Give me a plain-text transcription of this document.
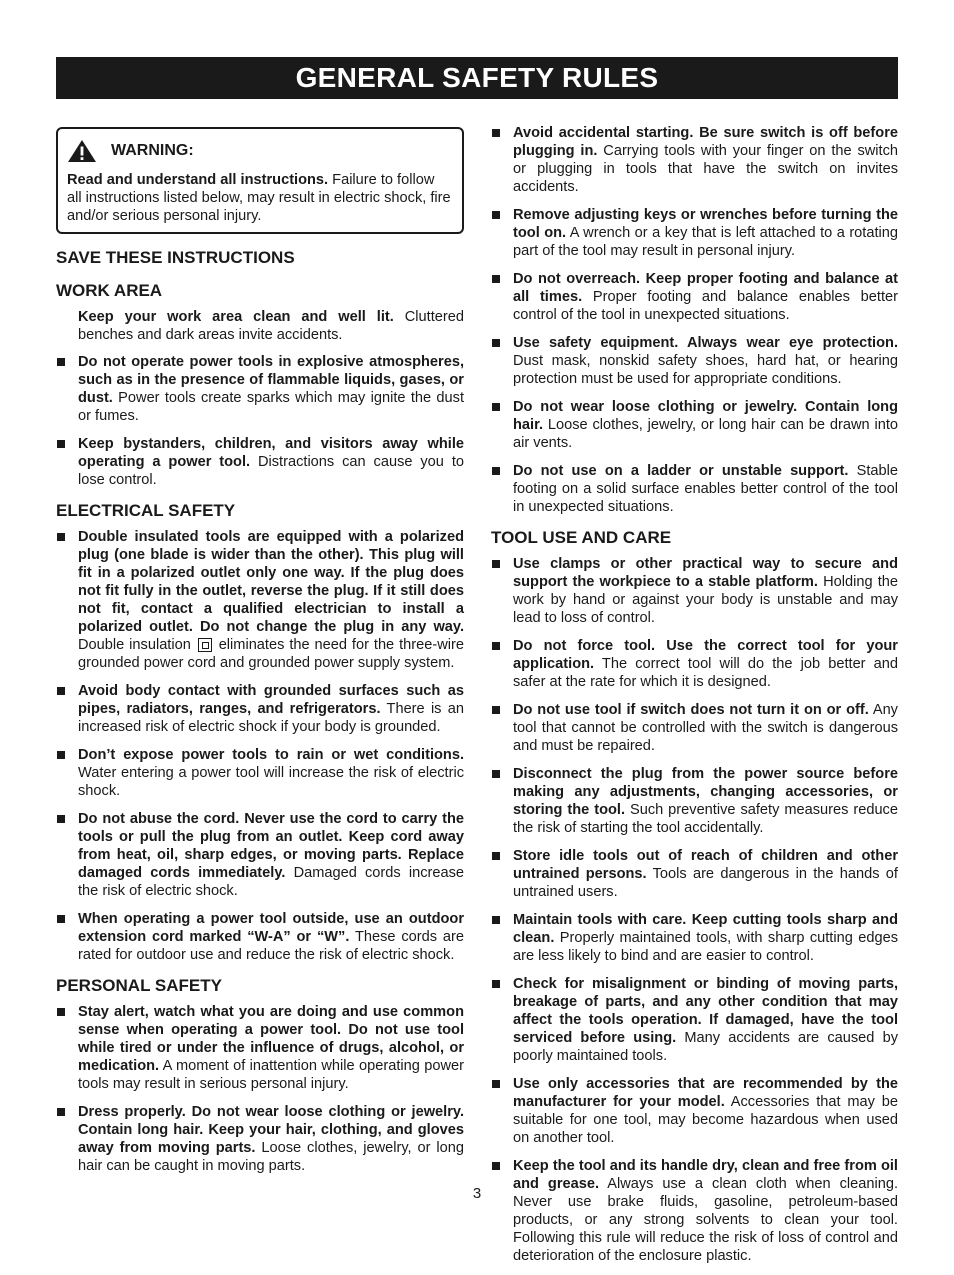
GENERAL SAFETY RULES
WARNING:
Read and understand all instructions. Failure to follow all instructions listed below, may result in electric shock, fire and/or serious personal injury.
SAVE THESE INSTRUCTIONS
WORK AREA

Keep your work area clean and well lit. Cluttered benches and dark areas invite accidents.

Do not operate power tools in explosive atmospheres, such as in the presence of flammable liquids, gases, or dust. Power tools create sparks which may ignite the dust or fumes.
Keep bystanders, children, and visitors away while operating a power tool. Distractions can cause you to lose control.
ELECTRICAL SAFETY
Double insulated tools are equipped with a polarized plug (one blade is wider than the other). This plug will fit in a polarized outlet only one way. If the plug does not fit fully in the outlet, reverse the plug. If it still does not fit, contact a qualified electrician to install a polarized outlet. Do not change the plug in any way. Double insulation  eliminates the need for the three-wire grounded power cord and grounded power supply system.
Avoid body contact with grounded surfaces such as pipes, radiators, ranges, and refrigerators. There is an increased risk of electric shock if your body is grounded.
Don’t expose power tools to rain or wet conditions. Water entering a power tool will increase the risk of electric shock.
Do not abuse the cord. Never use the cord to carry the tools or pull the plug from an outlet. Keep cord away from heat, oil, sharp edges, or moving parts. Replace damaged cords immediately. Damaged cords increase the risk of electric shock.
When operating a power tool outside, use an outdoor extension cord marked “W-A” or “W”. These cords are rated for outdoor use and reduce the risk of electric shock.
PERSONAL SAFETY
Stay alert, watch what you are doing and use common sense when operating a power tool. Do not use tool while tired or under the influence of drugs, alcohol, or medication. A moment of inattention while operating power tools may result in serious personal injury.
Dress properly. Do not wear loose clothing or jewelry. Contain long hair. Keep your hair, clothing, and gloves away from moving parts. Loose clothes, jewelry, or long hair can be caught in moving parts.
Avoid accidental starting. Be sure switch is off before plugging in. Carrying tools with your finger on the switch or plugging in tools that have the switch on invites accidents.
Remove adjusting keys or wrenches before turning the tool on. A wrench or a key that is left attached to a rotating part of the tool may result in personal injury.
Do not overreach. Keep proper footing and balance at all times. Proper footing and balance enables better control of the tool in unexpected situations.
Use safety equipment. Always wear eye protection. Dust mask, nonskid safety shoes, hard hat, or hearing protection must be used for appropriate conditions.
Do not wear loose clothing or jewelry. Contain long hair. Loose clothes, jewelry, or long hair can be drawn into air vents.
Do not use on a ladder or unstable support. Stable footing on a solid surface enables better control of the tool in unexpected situations.
TOOL USE AND CARE
Use clamps or other practical way to secure and support the workpiece to a stable platform. Holding the work by hand or against your body is unstable and may lead to loss of control.
Do not force tool. Use the correct tool for your application. The correct tool will do the job better and safer at the rate for which it is designed.
Do not use tool if switch does not turn it on or off. Any tool that cannot be controlled with the switch is dangerous and must be repaired.
Disconnect the plug from the power source before making any adjustments, changing accessories, or storing the tool. Such preventive safety measures reduce the risk of starting the tool accidentally.
Store idle tools out of reach of children and other untrained persons. Tools are dangerous in the hands of untrained users.
Maintain tools with care. Keep cutting tools sharp and clean. Properly maintained tools, with sharp cutting edges are less likely to bind and are easier to control.
Check for misalignment or binding of moving parts, breakage of parts, and any other condition that may affect the tools operation. If damaged, have the tool serviced before using. Many accidents are caused by poorly maintained tools.
Use only accessories that are recommended by the manufacturer for your model. Accessories that may be suitable for one tool, may become hazardous when used on another tool.
Keep the tool and its handle dry, clean and free from oil and grease. Always use a clean cloth when cleaning. Never use brake fluids, gasoline, petroleum-based products, or any strong solvents to clean your tool. Following this rule will reduce the risk of loss of control and deterioration of the enclosure plastic.
3
